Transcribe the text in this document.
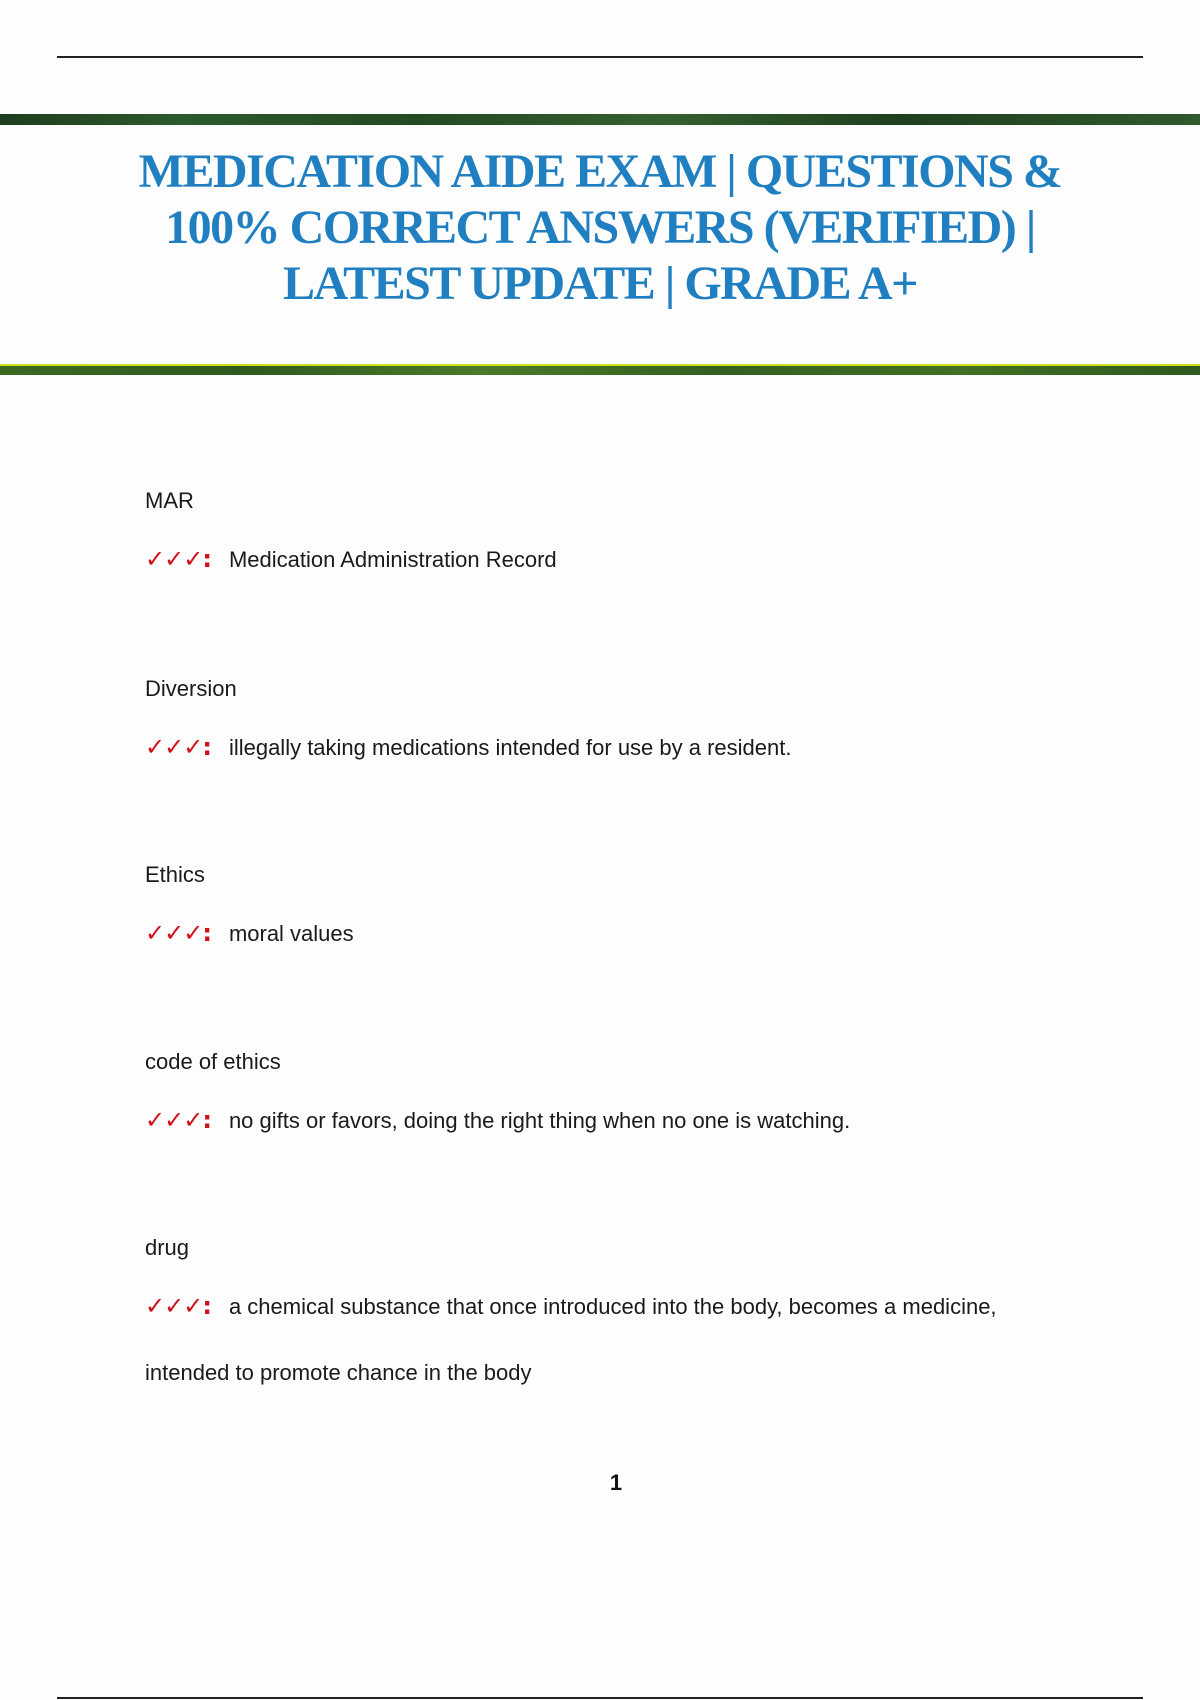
MEDICATION AIDE EXAM | QUESTIONS &
100% CORRECT ANSWERS (VERIFIED) |
LATEST UPDATE | GRADE A+
MAR
✓✓✓: Medication Administration Record
Diversion
✓✓✓: illegally taking medications intended for use by a resident.
Ethics
✓✓✓: moral values
code of ethics
✓✓✓: no gifts or favors, doing the right thing when no one is watching.
drug
✓✓✓: a chemical substance that once introduced into the body, becomes a medicine,
intended to promote chance in the body
1
